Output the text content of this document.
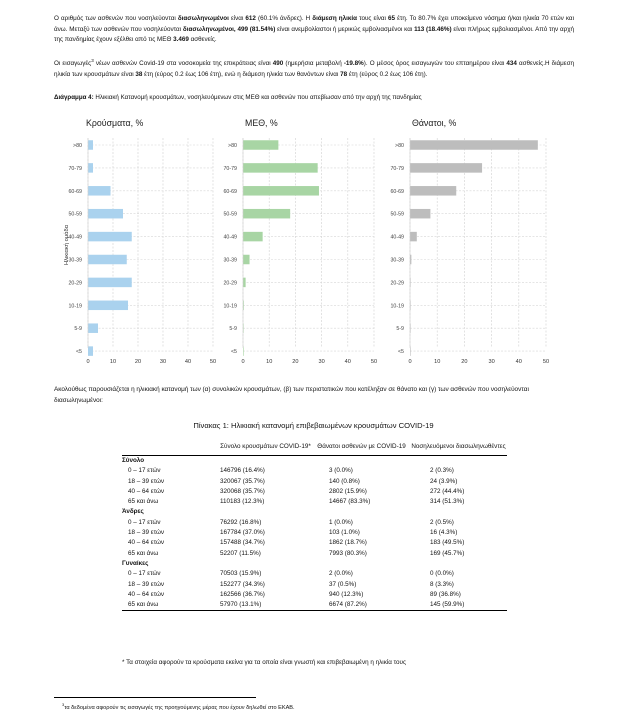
Ο αριθμός των ασθενών που νοσηλεύονται διασωληνωμένοι είναι 612 (60.1% άνδρες). Η διάμεση ηλικία τους είναι 65 έτη. Το 80.7% έχει υποκείμενο νόσημα ή/και ηλικία 70 ετών και άνω. Μεταξύ των ασθενών που νοσηλεύονται διασωληνωμένοι, 499 (81.54%) είναι ανεμβολίαστοι ή μερικώς εμβολιασμένοι και 113 (18.46%) είναι πλήρως εμβολιασμένοι. Από την αρχή της πανδημίας έχουν εξέλθει από τις ΜΕΘ 3.469 ασθενείς.
Οι εισαγωγές$^3$ νέων ασθενών Covid-19 στα νοσοκομεία της επικράτειας είναι 490 (ημερήσια μεταβολή -19.8%). Ο μέσος όρος εισαγωγών του επταημέρου είναι 434 ασθενείς.Η διάμεση ηλικία των κρουσμάτων είναι 38 έτη (εύρος 0.2 έως 106 έτη), ενώ η διάμεση ηλικία των θανόντων είναι 78 έτη (εύρος 0.2 έως 106 έτη).
Διάγραμμα 4: Ηλικιακή Κατανομή κρουσμάτων, νοσηλευόμενων στις ΜΕΘ και ασθενών που απεβίωσαν από την αρχή της πανδημίας
0	10	20	30	40	50
>80
70-79
60-69
50-59
40-49
30-39
20-29
10-19
5-9
<5
Κρούσματα, %
0	10	20	30	40	50
>80
70-79
60-69
50-59
40-49
30-39
20-29
10-19
5-9
<5
ΜΕΘ, %
0	10	20	30	40	50
>80
70-79
60-69
50-59
40-49
30-39
20-29
10-19
5-9
<5
Θάνατοι, %
Ηλικιακή ομάδα
Ακολούθως παρουσιάζεται η ηλικιακή κατανομή των (α) συνολικών κρουσμάτων, (β) των περιστατικών που κατέληξαν σε θάνατο και (γ) των ασθενών που νοσηλεύονται διασωληνωμένοι:
Πίνακας 1: Ηλικιακή κατανομή επιβεβαιωμένων κρουσμάτων COVID-19
	Σύνολο κρουσμάτων COVID-19*	Θάνατοι ασθενών με COVID-19	Νοσηλευόμενοι διασωληνωθέντες
Σύνολο			
0 – 17 ετών	146796 (16.4%)	3 (0.0%)	2 (0.3%)
18 – 39 ετών	320067 (35.7%)	140 (0.8%)	24 (3.9%)
40 – 64 ετών	320068 (35.7%)	2802 (15.9%)	272 (44.4%)
65 και άνω	110183 (12.3%)	14667 (83.3%)	314 (51.3%)
Άνδρες			
0 – 17 ετών	76292 (16.8%)	1 (0.0%)	2 (0.5%)
18 – 39 ετών	167784 (37.0%)	103 (1.0%)	16 (4.3%)
40 – 64 ετών	157488 (34.7%)	1862 (18.7%)	183 (49.5%)
65 και άνω	52207 (11.5%)	7993 (80.3%)	169 (45.7%)
Γυναίκες			
0 – 17 ετών	70503 (15.9%)	2 (0.0%)	0 (0.0%)
18 – 39 ετών	152277 (34.3%)	37 (0.5%)	8 (3.3%)
40 – 64 ετών	162566 (36.7%)	940 (12.3%)	89 (36.8%)
65 και άνω	57970 (13.1%)	6674 (87.2%)	145 (59.9%)
* Τα στοιχεία αφορούν τα κρούσματα εκείνα για τα οποία είναι γνωστή και επιβεβαιωμένη η ηλικία τους
$^3$τα δεδομένα αφορούν τις εισαγωγές της προηγούμενης μέρας που έχουν δηλωθεί στο ΕΚΑΒ.
